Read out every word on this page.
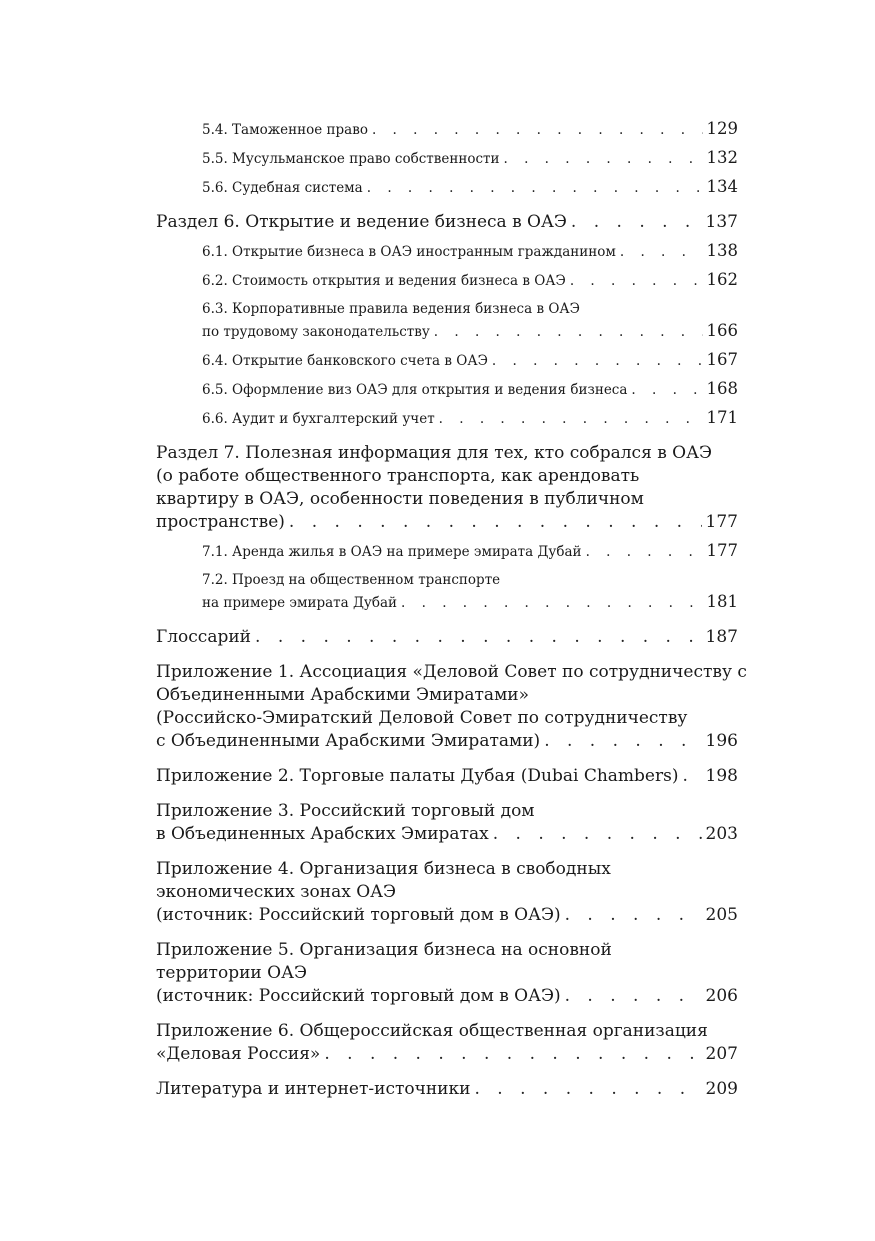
5.4. Таможенное право . . .	129
5.5. Мусульманское право собственности . . .	132
5.6. Судебная система . . .	134
Раздел 6. Открытие и ведение бизнеса в ОАЭ . . .	137
6.1. Открытие бизнеса в ОАЭ иностранным гражданином . . .	138
6.2. Стоимость открытия и ведения бизнеса в ОАЭ . . .	162
6.3. Корпоративные правила ведения бизнеса в ОАЭ
по трудовому законодательству . . .	166
6.4. Открытие банковского счета в ОАЭ . . .	167
6.5. Оформление виз ОАЭ для открытия и ведения бизнеса . . .	168
6.6. Аудит и бухгалтерский учет . . .	171
Раздел 7. Полезная информация для тех, кто собрался в ОАЭ
(о работе общественного транспорта, как арендовать
квартиру в ОАЭ, особенности поведения в публичном
пространстве) . . .	177
7.1. Аренда жилья в ОАЭ на примере эмирата Дубай . . .	177
7.2. Проезд на общественном транспорте
на примере эмирата Дубай . . .	181
Глоссарий . . .	187
Приложение 1. Ассоциация «Деловой Совет по сотрудничеству с
Объединенными Арабскими Эмиратами»
(Российско-Эмиратский Деловой Совет по сотрудничеству
с Объединенными Арабскими Эмиратами) . . .	196
Приложение 2. Торговые палаты Дубая (Dubai Chambers) . . . 198
Приложение 3. Российский торговый дом
в Объединенных Арабских Эмиратах . . .	203
Приложение 4. Организация бизнеса в свободных
экономических зонах ОАЭ
(источник: Российский торговый дом в ОАЭ) . . .	205
Приложение 5. Организация бизнеса на основной
территории ОАЭ
(источник: Российский торговый дом в ОАЭ) . . .	206
Приложение 6. Общероссийская общественная организация
«Деловая Россия» . . .	207
Литература и интернет-источники . . .	209
